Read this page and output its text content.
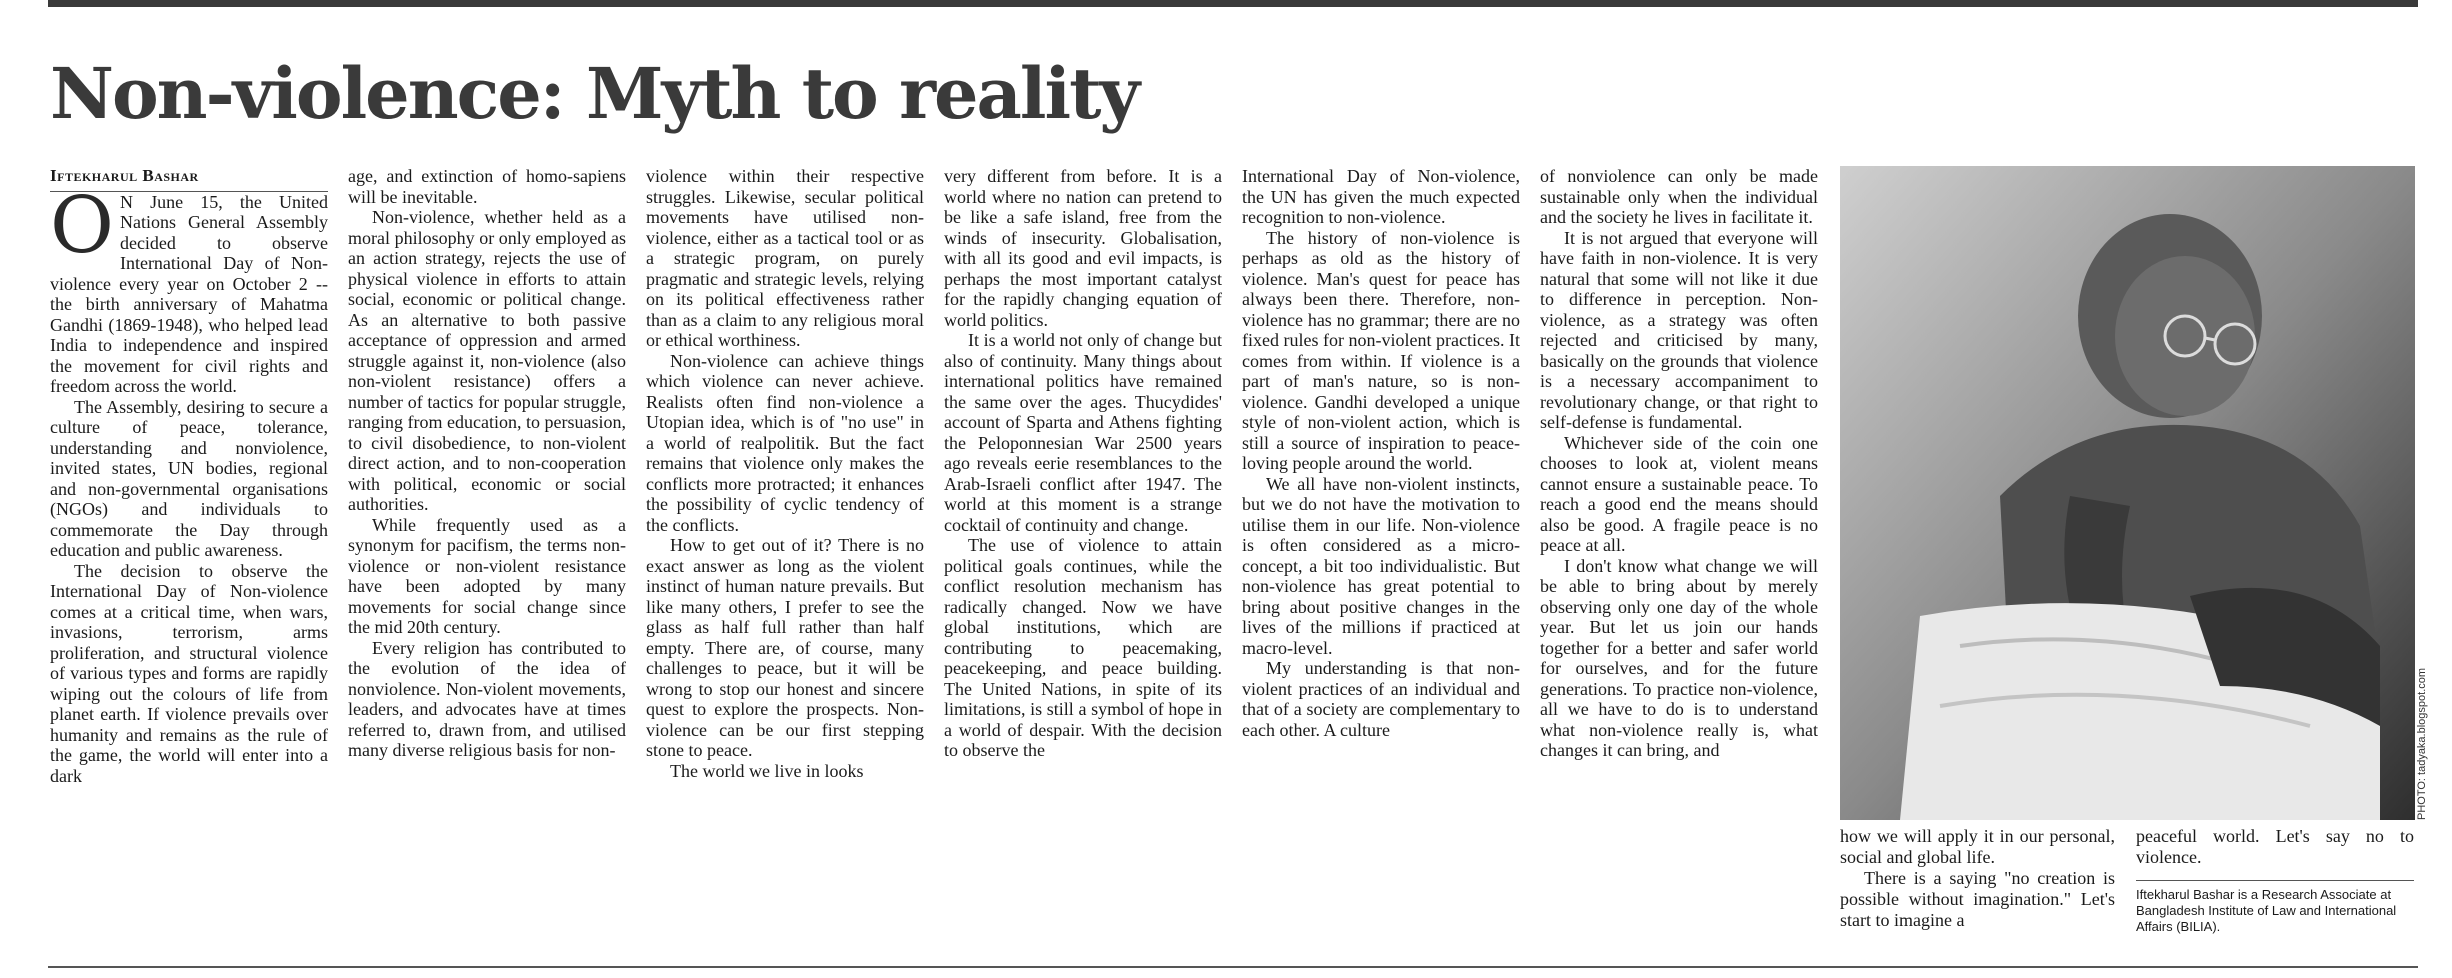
Non-violence: Myth to reality

Iftekharul Bashar

O N June 15, the United Nations General Assembly decided to observe International Day of Non-violence every year on October 2 -- the birth anniversary of Mahatma Gandhi (1869-1948), who helped lead India to independence and inspired the movement for civil rights and freedom across the world.

The Assembly, desiring to secure a culture of peace, tolerance, understanding and nonviolence, invited states, UN bodies, regional and non-governmental organisations (NGOs) and individuals to commemorate the Day through education and public awareness.

The decision to observe the International Day of Non-violence comes at a critical time, when wars, invasions, terrorism, arms proliferation, and structural violence of various types and forms are rapidly wiping out the colours of life from planet earth. If violence prevails over humanity and remains as the rule of the game, the world will enter into a dark

age, and extinction of homo-sapiens will be inevitable.

Non-violence, whether held as a moral philosophy or only employed as an action strategy, rejects the use of physical violence in efforts to attain social, economic or political change. As an alternative to both passive acceptance of oppression and armed struggle against it, non-violence (also non-violent resistance) offers a number of tactics for popular struggle, ranging from education, to persuasion, to civil disobedience, to non-violent direct action, and to non-cooperation with political, economic or social authorities.

While frequently used as a synonym for pacifism, the terms non-violence or non-violent resistance have been adopted by many movements for social change since the mid 20th century.

Every religion has contributed to the evolution of the idea of nonviolence. Non-violent movements, leaders, and advocates have at times referred to, drawn from, and utilised many diverse religious basis for non-

violence within their respective struggles. Likewise, secular political movements have utilised non-violence, either as a tactical tool or as a strategic program, on purely pragmatic and strategic levels, relying on its political effectiveness rather than as a claim to any religious moral or ethical worthiness.

Non-violence can achieve things which violence can never achieve. Realists often find non-violence a Utopian idea, which is of "no use" in a world of realpolitik. But the fact remains that violence only makes the conflicts more protracted; it enhances the possibility of cyclic tendency of the conflicts.

How to get out of it? There is no exact answer as long as the violent instinct of human nature prevails. But like many others, I prefer to see the glass as half full rather than half empty. There are, of course, many challenges to peace, but it will be wrong to stop our honest and sincere quest to explore the prospects. Non-violence can be our first stepping stone to peace.

The world we live in looks

very different from before. It is a world where no nation can pretend to be like a safe island, free from the winds of insecurity. Globalisation, with all its good and evil impacts, is perhaps the most important catalyst for the rapidly changing equation of world politics.

It is a world not only of change but also of continuity. Many things about international politics have remained the same over the ages. Thucydides' account of Sparta and Athens fighting the Peloponnesian War 2500 years ago reveals eerie resemblances to the Arab-Israeli conflict after 1947. The world at this moment is a strange cocktail of continuity and change.

The use of violence to attain political goals continues, while the conflict resolution mechanism has radically changed. Now we have global institutions, which are contributing to peacemaking, peacekeeping, and peace building. The United Nations, in spite of its limitations, is still a symbol of hope in a world of despair. With the decision to observe the

International Day of Non-violence, the UN has given the much expected recognition to non-violence.

The history of non-violence is perhaps as old as the history of violence. Man's quest for peace has always been there. Therefore, non-violence has no grammar; there are no fixed rules for non-violent practices. It comes from within. If violence is a part of man's nature, so is non-violence. Gandhi developed a unique style of non-violent action, which is still a source of inspiration to peace-loving people around the world.

We all have non-violent instincts, but we do not have the motivation to utilise them in our life. Non-violence is often considered as a micro-concept, a bit too individualistic. But non-violence has great potential to bring about positive changes in the lives of the millions if practiced at macro-level.

My understanding is that non-violent practices of an individual and that of a society are complementary to each other. A culture

of nonviolence can only be made sustainable only when the individual and the society he lives in facilitate it.

It is not argued that everyone will have faith in non-violence. It is very natural that some will not like it due to difference in perception. Non-violence, as a strategy was often rejected and criticised by many, basically on the grounds that violence is a necessary accompaniment to revolutionary change, or that right to self-defense is fundamental.

Whichever side of the coin one chooses to look at, violent means cannot ensure a sustainable peace. To reach a good end the means should also be good. A fragile peace is no peace at all.

I don't know what change we will be able to bring about by merely observing only one day of the whole year. But let us join our hands together for a better and safer world for ourselves, and for the future generations. To practice non-violence, all we have to do is to understand what non-violence really is, what changes it can bring, and	PHOTO: tadyaka.blogspot.com

how we will apply it in our personal, social and global life.

There is a saying "no creation is possible without imagination." Let's start to imagine a

peaceful world. Let's say no to violence.

Iftekharul Bashar is a Research Associate at Bangladesh Institute of Law and International Affairs (BILIA).
